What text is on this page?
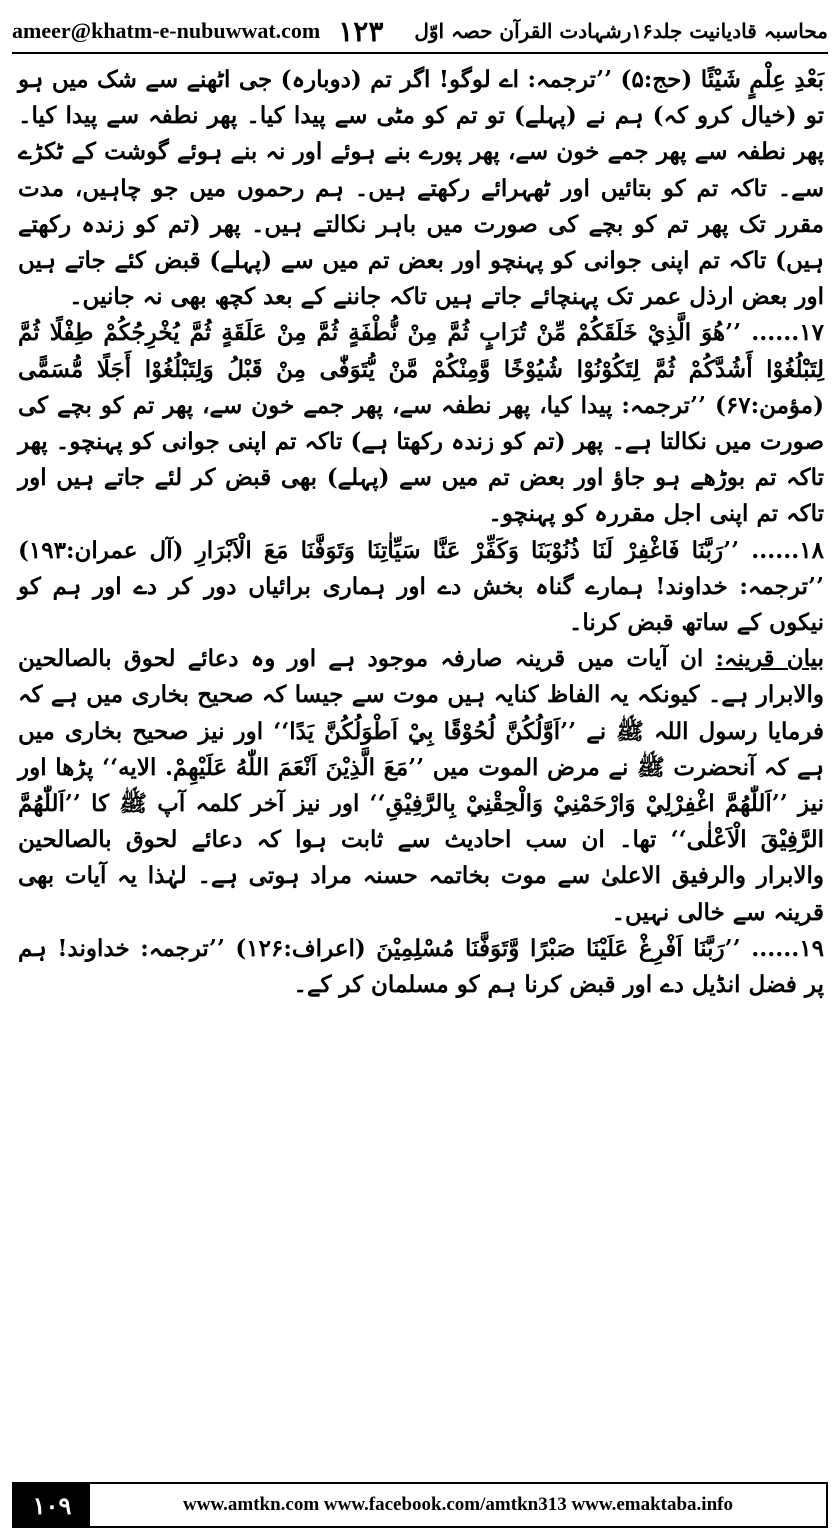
ameer@khatm-e-nubuwwat.com ۱۲۳ محاسبہ قادیانیت جلد۱۶رشہادت القرآن حصہ اوّل

بَعْدِ عِلْمٍ شَيْئًا (حج:۵) ’’ترجمہ: اے لوگو! اگر تم (دوبارہ) جی اٹھنے سے شک میں ہو تو (خیال کرو کہ) ہم نے (پہلے) تو تم کو مٹی سے پیدا کیا۔ پھر نطفہ سے پیدا کیا۔ پھر نطفہ سے پھر جمے خون سے، پھر پورے بنے ہوئے اور نہ بنے ہوئے گوشت کے ٹکڑے سے۔ تاکہ تم کو بتائیں اور ٹھہرائے رکھتے ہیں۔ ہم رحموں میں جو چاہیں، مدت مقرر تک پھر تم کو بچے کی صورت میں باہر نکالتے ہیں۔ پھر (تم کو زندہ رکھتے ہیں) تاکہ تم اپنی جوانی کو پہنچو اور بعض تم میں سے (پہلے) قبض کئے جاتے ہیں اور بعض ارذل عمر تک پہنچائے جاتے ہیں تاکہ جاننے کے بعد کچھ بھی نہ جانیں۔

۱۷...... ’’هُوَ الَّذِيْ خَلَقَكُمْ مِّنْ تُرَابٍ ثُمَّ مِنْ نُّطْفَةٍ ثُمَّ مِنْ عَلَقَةٍ ثُمَّ يُخْرِجُكُمْ طِفْلًا ثُمَّ لِتَبْلُغُوْا أَشُدَّكُمْ ثُمَّ لِتَكُوْنُوْا شُيُوْخًا وَّمِنْكُمْ مَّنْ يُّتَوَفّٰى مِنْ قَبْلُ وَلِتَبْلُغُوْا أَجَلًا مُّسَمًّى (مؤمن:۶۷) ’’ترجمہ: پیدا کیا، پھر نطفہ سے، پھر جمے خون سے، پھر تم کو بچے کی صورت میں نکالتا ہے۔ پھر (تم کو زندہ رکھتا ہے) تاکہ تم اپنی جوانی کو پہنچو۔ پھر تاکہ تم بوڑھے ہو جاؤ اور بعض تم میں سے (پہلے) بھی قبض کر لئے جاتے ہیں اور تاکہ تم اپنی اجل مقررہ کو پہنچو۔

۱۸...... ’’رَبَّنَا فَاغْفِرْ لَنَا ذُنُوْبَنَا وَكَفِّرْ عَنَّا سَيِّاٰتِنَا وَتَوَفَّنَا مَعَ الْاَبْرَارِ (آل عمران:۱۹۳) ’’ترجمہ: خداوند! ہمارے گناہ بخش دے اور ہماری برائیاں دور کر دے اور ہم کو نیکوں کے ساتھ قبض کرنا۔

بیان قرینہ: ان آیات میں قرینہ صارفہ موجود ہے اور وہ دعائے لحوق بالصالحین والابرار ہے۔ کیونکہ یہ الفاظ کنایہ ہیں موت سے جیسا کہ صحیح بخاری میں ہے کہ فرمایا رسول اللہ ﷺ نے ’’اَوَّلُكُنَّ لُحُوْقًا بِيْ اَطْوَلُكُنَّ يَدًا‘‘ اور نیز صحیح بخاری میں ہے کہ آنحضرت ﷺ نے مرض الموت میں ’’مَعَ الَّذِيْنَ اَنْعَمَ اللّٰهُ عَلَيْهِمْ. الايه‘‘ پڑھا اور نیز ’’اَللّٰهُمَّ اغْفِرْلِيْ وَارْحَمْنِيْ وَالْحِقْنِيْ بِالرَّفِيْقِ‘‘ اور نیز آخر کلمہ آپ ﷺ کا ’’اَللّٰهُمَّ الرَّفِيْقَ الْاَعْلٰى‘‘ تھا۔ ان سب احادیث سے ثابت ہوا کہ دعائے لحوق بالصالحین والابرار والرفیق الاعلیٰ سے موت بخاتمہ حسنہ مراد ہوتی ہے۔ لہٰذا یہ آیات بھی قرینہ سے خالی نہیں۔

۱۹...... ’’رَبَّنَا اَفْرِغْ عَلَيْنَا صَبْرًا وَّتَوَفَّنَا مُسْلِمِيْنَ (اعراف:۱۲۶) ’’ترجمہ: خداوند! ہم پر فضل انڈیل دے اور قبض کرنا ہم کو مسلمان کر کے۔

۱۰۹	www.amtkn.com www.facebook.com/amtkn313 www.emaktaba.info
